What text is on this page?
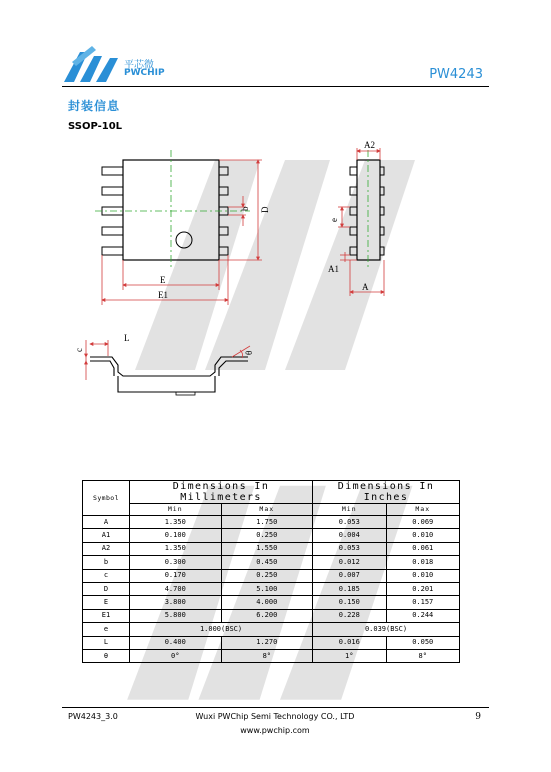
平芯微
PWCHIP	PW4243
封装信息
SSOP-10L
b D
E
E1
A2
e
A1
A
c
L
θ
Symbol	Dimensions In Millimeters		Dimensions In Inches	
	Min	Max	Min	Max
A	1.350	1.750	0.053	0.069
A1	0.100	0.250	0.004	0.010
A2	1.350	1.550	0.053	0.061
b	0.300	0.450	0.012	0.018
c	0.170	0.250	0.007	0.010
D	4.700	5.100	0.185	0.201
E	3.800	4.000	0.150	0.157
E1	5.800	6.200	0.228	0.244
e	1.000(BSC)		0.039(BSC)	
L	0.400	1.270	0.016	0.050
θ	0°	8°	1°	8°
PW4243_3.0	Wuxi PWChip Semi Technology CO., LTD
www.pwchip.com
9
